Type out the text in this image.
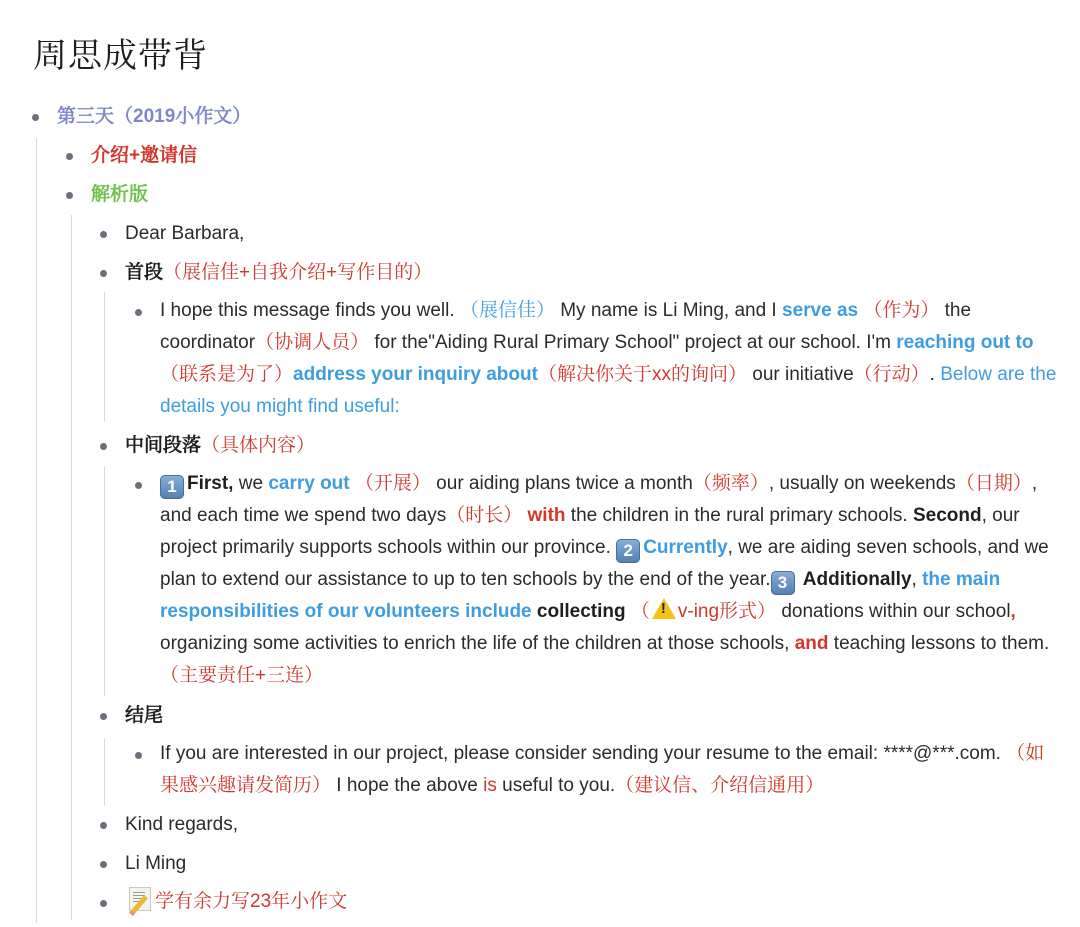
周思成带背
第三天（2019小作文）
介绍+邀请信
解析版
Dear Barbara,
首段（展信佳+自我介绍+写作目的）
I hope this message finds you well. （展信佳） My name is Li Ming, and I serve as （作为） the coordinator（协调人员） for the"Aiding Rural Primary School" project at our school. I'm reaching out to （联系是为了）address your inquiry about（解决你关于xx的询问） our initiative（行动）. Below are the details you might find useful:
中间段落（具体内容）
1 First, we carry out （开展） our aiding plans twice a month（频率）, usually on weekends（日期）, and each time we spend two days（时长） with the children in the rural primary schools. Second, our project primarily supports schools within our province. 2 Currently, we are aiding seven schools, and we plan to extend our assistance to up to ten schools by the end of the year. 3 Additionally, the main responsibilities of our volunteers include collecting （ ! v-ing形式） donations within our school, organizing some activities to enrich the life of the children at those schools, and teaching lessons to them.（主要责任+三连）
结尾
If you are interested in our project, please consider sending your resume to the email: ****@***.com. （如果感兴趣请发简历） I hope the above is useful to you.（建议信、介绍信通用）
Kind regards,
Li Ming
学有余力写23年小作文
